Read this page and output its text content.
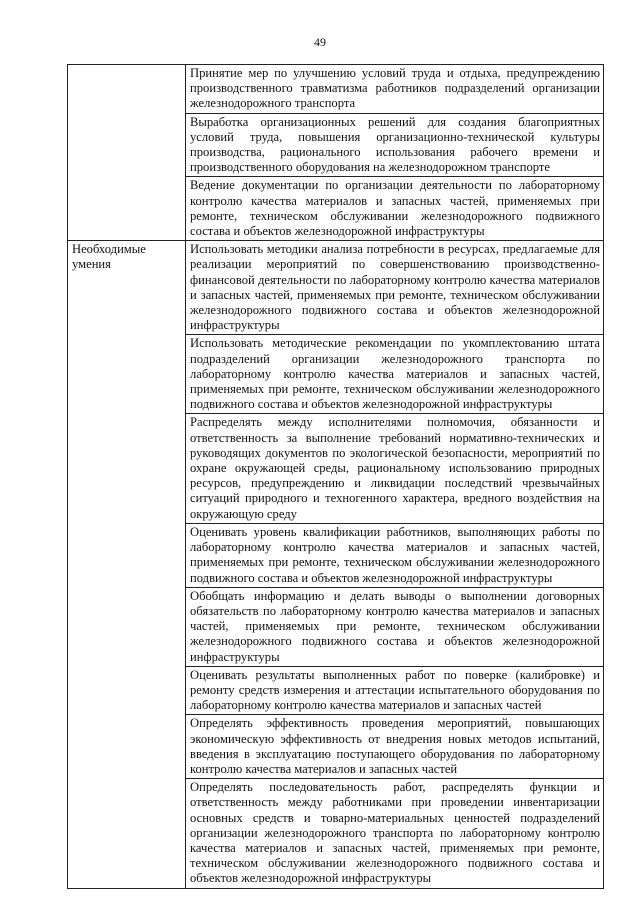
49
	Принятие мер по улучшению условий труда и отдыха, предупреждению производственного травматизма работников подразделений организации железнодорожного транспорта
	Выработка организационных решений для создания благоприятных условий труда, повышения организационно-технической культуры производства, рационального использования рабочего времени и производственного оборудования на железнодорожном транспорте
	Ведение документации по организации деятельности по лабораторному контролю качества материалов и запасных частей, применяемых при ремонте, техническом обслуживании железнодорожного подвижного состава и объектов железнодорожной инфраструктуры
Необходимые умения	Использовать методики анализа потребности в ресурсах, предлагаемые для реализации мероприятий по совершенствованию производственно-финансовой деятельности по лабораторному контролю качества материалов и запасных частей, применяемых при ремонте, техническом обслуживании железнодорожного подвижного состава и объектов железнодорожной инфраструктуры
	Использовать методические рекомендации по укомплектованию штата подразделений организации железнодорожного транспорта по лабораторному контролю качества материалов и запасных частей, применяемых при ремонте, техническом обслуживании железнодорожного подвижного состава и объектов железнодорожной инфраструктуры
	Распределять между исполнителями полномочия, обязанности и ответственность за выполнение требований нормативно-технических и руководящих документов по экологической безопасности, мероприятий по охране окружающей среды, рациональному использованию природных ресурсов, предупреждению и ликвидации последствий чрезвычайных ситуаций природного и техногенного характера, вредного воздействия на окружающую среду
	Оценивать уровень квалификации работников, выполняющих работы по лабораторному контролю качества материалов и запасных частей, применяемых при ремонте, техническом обслуживании железнодорожного подвижного состава и объектов железнодорожной инфраструктуры
	Обобщать информацию и делать выводы о выполнении договорных обязательств по лабораторному контролю качества материалов и запасных частей, применяемых при ремонте, техническом обслуживании железнодорожного подвижного состава и объектов железнодорожной инфраструктуры
	Оценивать результаты выполненных работ по поверке (калибровке) и ремонту средств измерения и аттестации испытательного оборудования по лабораторному контролю качества материалов и запасных частей
	Определять эффективность проведения мероприятий, повышающих экономическую эффективность от внедрения новых методов испытаний, введения в эксплуатацию поступающего оборудования по лабораторному контролю качества материалов и запасных частей
	Определять последовательность работ, распределять функции и ответственность между работниками при проведении инвентаризации основных средств и товарно-материальных ценностей подразделений организации железнодорожного транспорта по лабораторному контролю качества материалов и запасных частей, применяемых при ремонте, техническом обслуживании железнодорожного подвижного состава и объектов железнодорожной инфраструктуры
